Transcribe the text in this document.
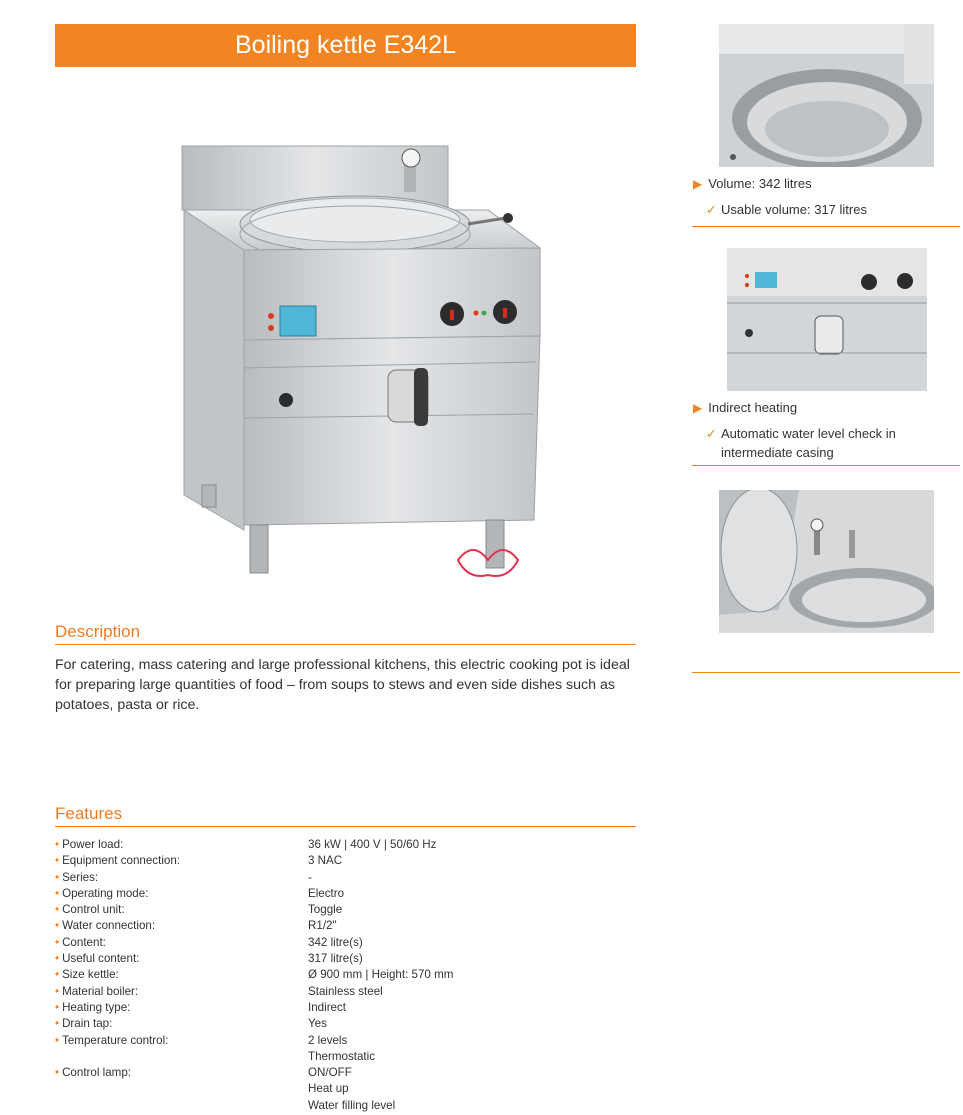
Boiling kettle E342L
Description
For catering, mass catering and large professional kitchens, this electric cooking pot is ideal for preparing large quantities of food – from soups to stews and even side dishes such as potatoes, pasta or rice.
Features
• Power load:	36 kW | 400 V | 50/60 Hz
• Equipment connection:	3 NAC
• Series:	-
• Operating mode:	Electro
• Control unit:	Toggle
• Water connection:	R1/2"
• Content:	342 litre(s)
• Useful content:	317 litre(s)
• Size kettle:	Ø 900 mm | Height: 570 mm
• Material boiler:	Stainless steel
• Heating type:	Indirect
• Drain tap:	Yes
• Temperature control:	2 levels
Thermostatic
• Control lamp:	ON/OFF
Heat up
Water filling level
▶ Volume: 342 litres
✓ Usable volume: 317 litres
▶ Indirect heating
✓ Automatic water level check in intermediate casing
